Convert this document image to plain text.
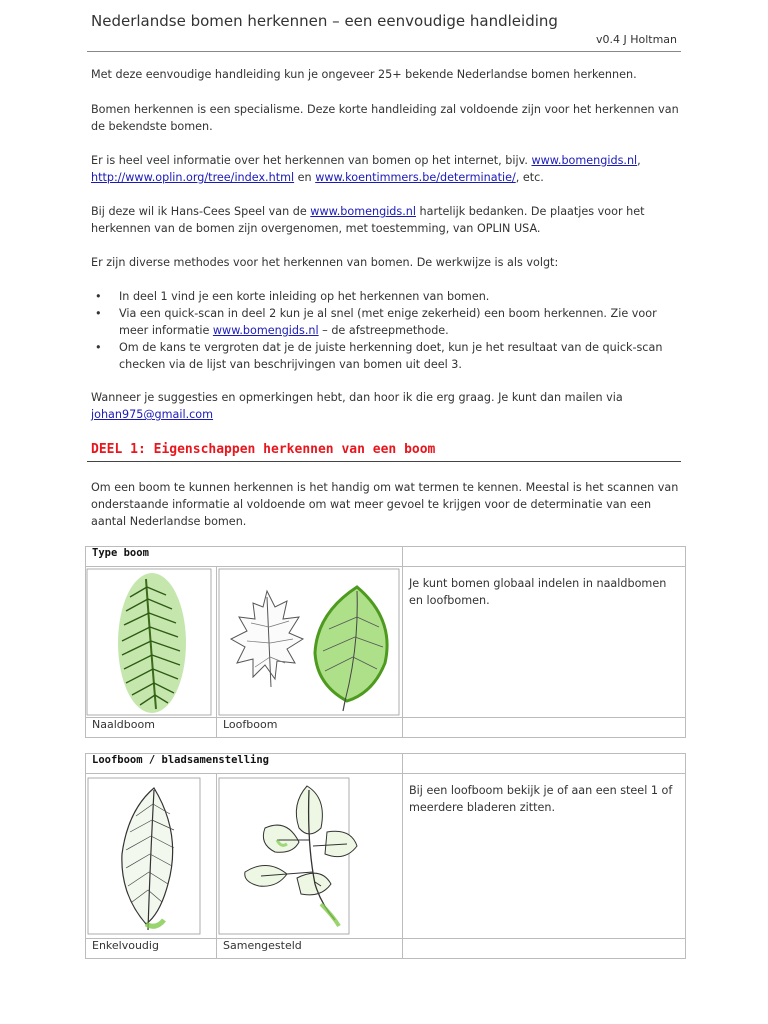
Nederlandse bomen herkennen – een eenvoudige handleiding
v0.4 J Holtman

Met deze eenvoudige handleiding kun je ongeveer 25+ bekende Nederlandse bomen herkennen.

Bomen herkennen is een specialisme. Deze korte handleiding zal voldoende zijn voor het herkennen van de bekendste bomen.

Er is heel veel informatie over het herkennen van bomen op het internet, bijv. www.bomengids.nl, http://www.oplin.org/tree/index.html en www.koentimmers.be/determinatie/, etc.

Bij deze wil ik Hans-Cees Speel van de www.bomengids.nl hartelijk bedanken. De plaatjes voor het herkennen van de bomen zijn overgenomen, met toestemming, van OPLIN USA.

Er zijn diverse methodes voor het herkennen van bomen. De werkwijze is als volgt:

• In deel 1 vind je een korte inleiding op het herkennen van bomen.
• Via een quick-scan in deel 2 kun je al snel (met enige zekerheid) een boom herkennen. Zie voor meer informatie www.bomengids.nl – de afstreepmethode.
• Om de kans te vergroten dat je de juiste herkenning doet, kun je het resultaat van de quick-scan checken via de lijst van beschrijvingen van bomen uit deel 3.

Wanneer je suggesties en opmerkingen hebt, dan hoor ik die erg graag. Je kunt dan mailen via
johan975@gmail.com

DEEL 1: Eigenschappen herkennen van een boom

Om een boom te kunnen herkennen is het handig om wat termen te kennen. Meestal is het scannen van onderstaande informatie al voldoende om wat meer gevoel te krijgen voor de determinatie van een aantal Nederlandse bomen.

Type boom		

	Je kunt bomen globaal indelen in naaldbomen en loofbomen.
Naaldboom	Loofboom	
Loofboom / bladsamenstelling		

	Bij een loofboom bekijk je of aan een steel 1 of meerdere bladeren zitten.
Enkelvoudig	Samengesteld	
